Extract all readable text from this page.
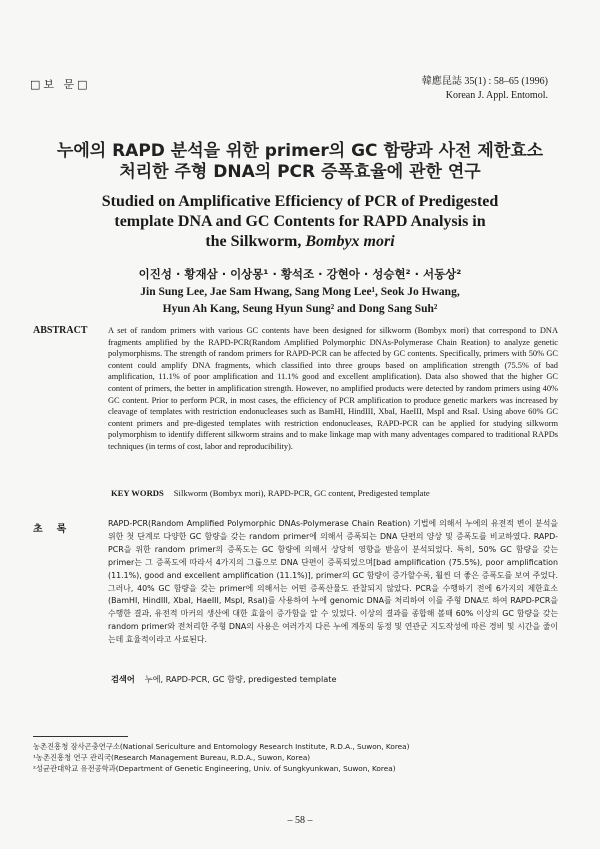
□보 문□	韓應昆誌 35(1) : 58–65 (1996)
Korean J. Appl. Entomol.
누에의 RAPD 분석을 위한 primer의 GC 함량과 사전 제한효소
처리한 주형 DNA의 PCR 증폭효율에 관한 연구
Studied on Amplificative Efficiency of PCR of Predigested
template DNA and GC Contents for RAPD Analysis in
the Silkworm, Bombyx mori
이진성 · 황재삼 · 이상몽¹ · 황석조 · 강현아 · 성승현² · 서동상²
Jin Sung Lee, Jae Sam Hwang, Sang Mong Lee¹, Seok Jo Hwang,
Hyun Ah Kang, Seung Hyun Sung² and Dong Sang Suh²
ABSTRACT A set of random primers with various GC contents have been designed for silkworm (Bombyx mori) that correspond to DNA fragments amplified by the RAPD-PCR(Random Amplified Polymorphic DNAs-Polymerase Chain Reation) to analyze genetic polymorphisms. The strength of random primers for RAPD-PCR can be affected by GC contents. Specifically, primers with 50% GC content could amplify DNA fragments, which classified into three groups based on amplification strength (75.5% of bad amplification, 11.1% of poor amplification and 11.1% good and excellent amplification). Data also showed that the higher GC content of primers, the better in amplification strength. However, no amplified products were detected by random primers using 40% GC content. Prior to perform PCR, in most cases, the efficiency of PCR amplification to produce genetic markers was increased by cleavage of templates with restriction endonucleases such as BamHI, HindIII, XbaI, HaeIII, MspI and RsaI. Using above 60% GC content primers and pre-digested templates with restriction endonucleases, RAPD-PCR can be applied for studying silkworm polymorphism to identify different silkworm strains and to make linkage map with many adventages compared to traditional RAPDs techniques (in terms of cost, labor and reproducibility).
KEY WORDS Silkworm (Bombyx mori), RAPD-PCR, GC content, Predigested template
초록
RAPD-PCR(Random Amplified Polymorphic DNAs-Polymerase Chain Reation) 기법에 의해서 누에의 유전적 변이 분석을 위한 첫 단계로 다양한 GC 함량을 갖는 random primer에 의해서 증폭되는 DNA 단편의 양상 및 증폭도를 비교하였다. RAPD-PCR을 위한 random primer의 증폭도는 GC 함량에 의해서 상당히 영향을 받음이 분석되었다. 특히, 50% GC 함량을 갖는 primer는 그 증폭도에 따라서 4가지의 그룹으로 DNA 단편이 증폭되었으며[bad amplification (75.5%), poor amplification (11.1%), good and excellent amplification (11.1%)], primer의 GC 함량이 증가할수록, 훨씬 더 좋은 증폭도를 보여 주었다. 그러나, 40% GC 함량을 갖는 primer에 의해서는 어떤 증폭산물도 관찰되지 않았다. PCR을 수행하기 전에 6가지의 제한효소(BamHI, HindIII, XbaI, HaeIII, MspI, RsaI)를 사용하여 누에 genomic DNA를 처리하여 이를 주형 DNA로 하여 RAPD-PCR을 수행한 결과, 유전적 마커의 생산에 대한 효율이 증가함을 알 수 있었다. 이상의 결과를 종합해 볼때 60% 이상의 GC 함량을 갖는 random primer와 전처리한 주형 DNA의 사용은 여러가지 다른 누에 계통의 동정 및 연관군 지도작성에 따른 경비 및 시간을 줄이는데 효율적이라고 사료된다.
검색어 누에, RAPD-PCR, GC 함량, predigested template
농촌진흥청 잠사곤충연구소(National Sericulture and Entomology Research Institute, R.D.A., Suwon, Korea)
¹농촌진흥청 연구 관리국(Research Management Bureau, R.D.A., Suwon, Korea)
²성균관대학교 유전공학과(Department of Genetic Engineering, Univ. of Sungkyunkwan, Suwon, Korea)
– 58 –
